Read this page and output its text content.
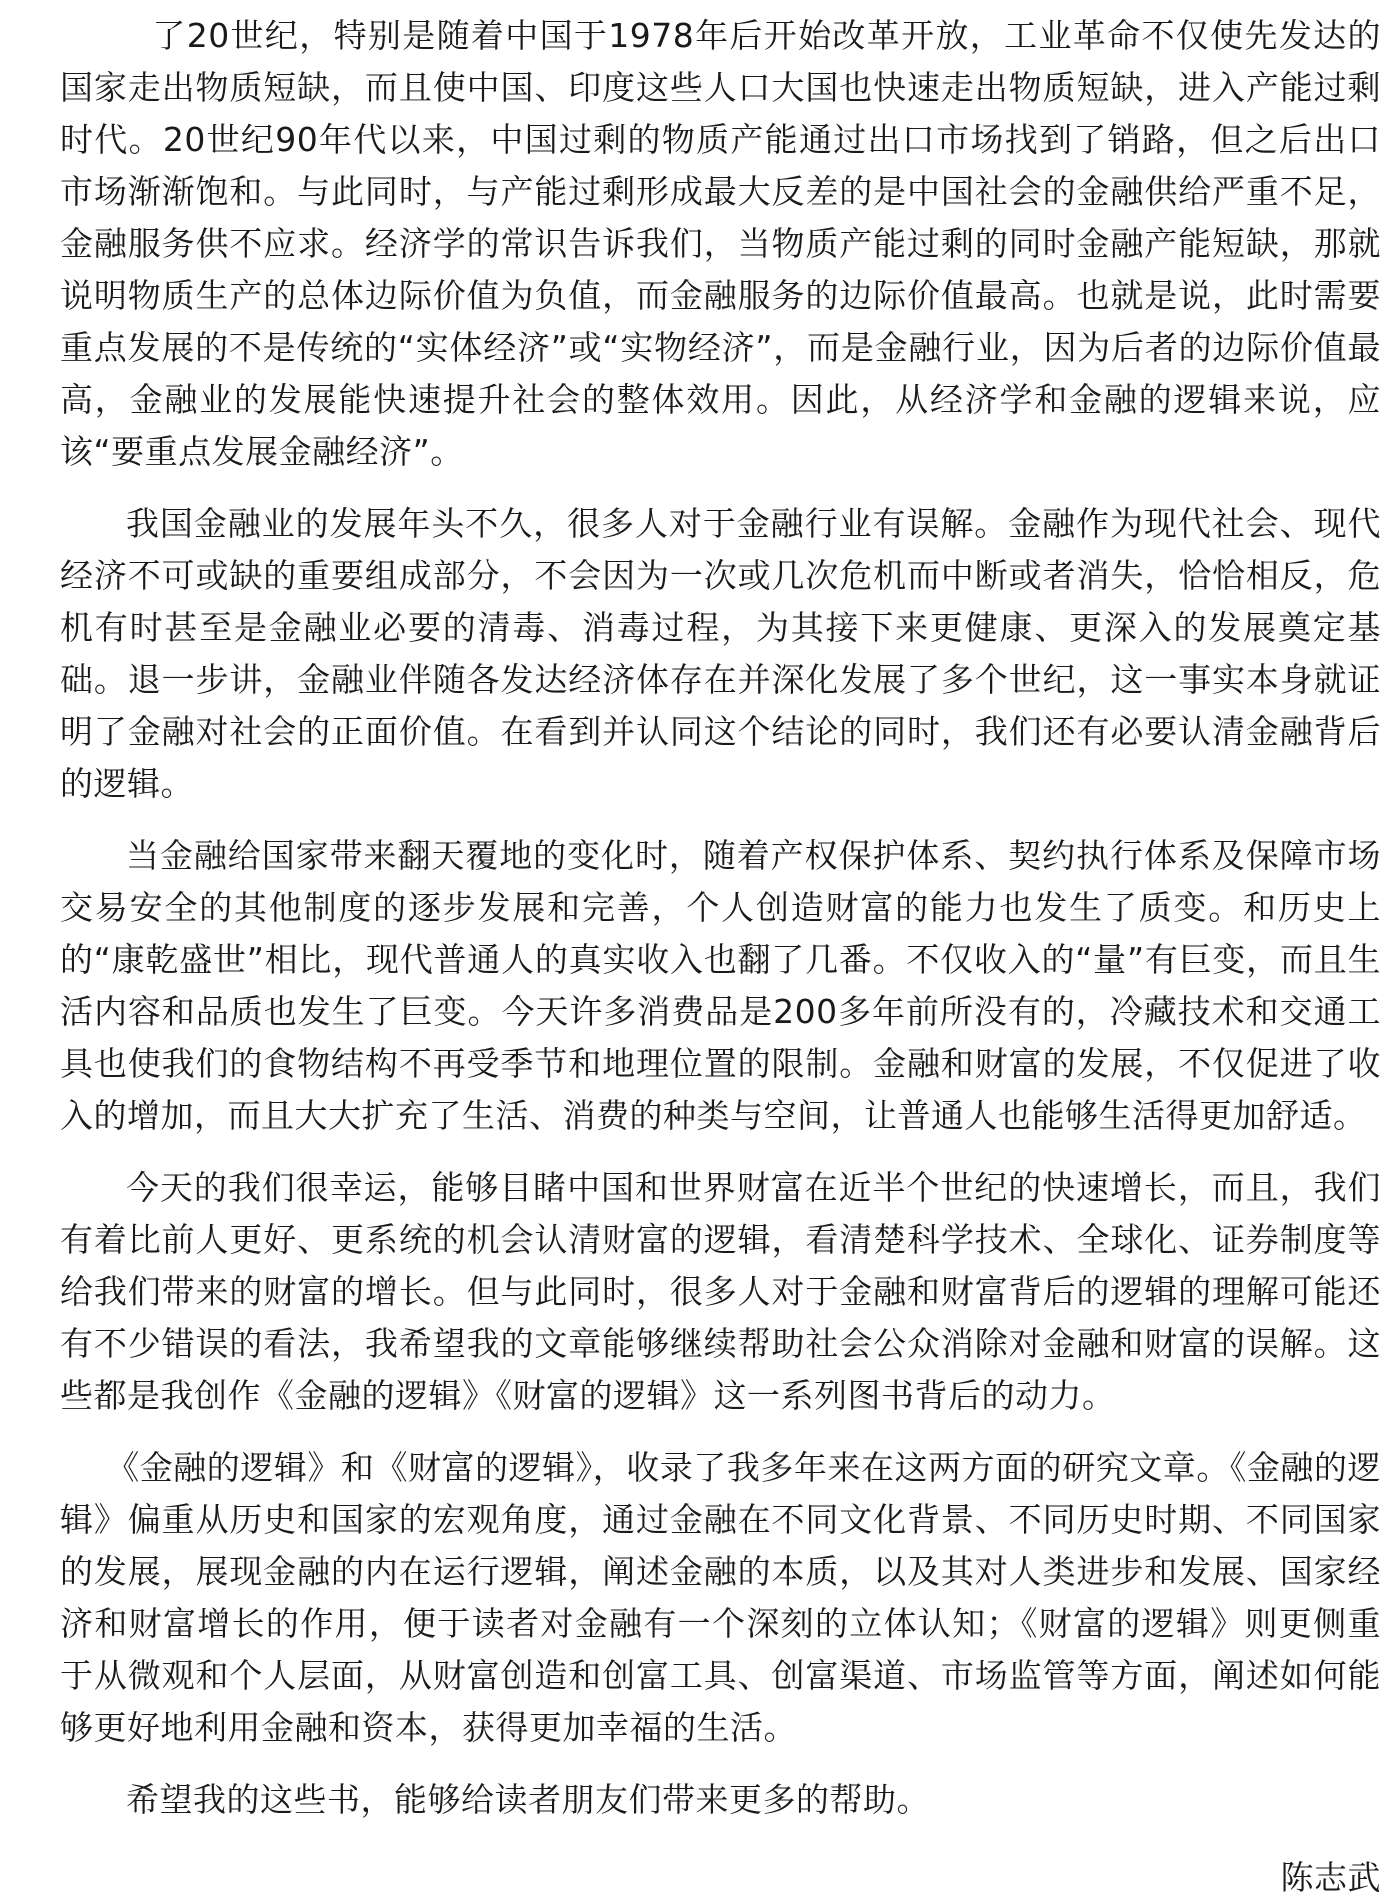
了20世纪，特别是随着中国于1978年后开始改革开放，工业革命不仅使先发达的国家走出物质短缺，而且使中国、印度这些人口大国也快速走出物质短缺，进入产能过剩时代。20世纪90年代以来，中国过剩的物质产能通过出口市场找到了销路，但之后出口市场渐渐饱和。与此同时，与产能过剩形成最大反差的是中国社会的金融供给严重不足，金融服务供不应求。经济学的常识告诉我们，当物质产能过剩的同时金融产能短缺，那就说明物质生产的总体边际价值为负值，而金融服务的边际价值最高。也就是说，此时需要重点发展的不是传统的“实体经济”或“实物经济”，而是金融行业，因为后者的边际价值最高，金融业的发展能快速提升社会的整体效用。因此，从经济学和金融的逻辑来说，应该“要重点发展金融经济”。

我国金融业的发展年头不久，很多人对于金融行业有误解。金融作为现代社会、现代经济不可或缺的重要组成部分，不会因为一次或几次危机而中断或者消失，恰恰相反，危机有时甚至是金融业必要的清毒、消毒过程，为其接下来更健康、更深入的发展奠定基础。退一步讲，金融业伴随各发达经济体存在并深化发展了多个世纪，这一事实本身就证明了金融对社会的正面价值。在看到并认同这个结论的同时，我们还有必要认清金融背后的逻辑。

当金融给国家带来翻天覆地的变化时，随着产权保护体系、契约执行体系及保障市场交易安全的其他制度的逐步发展和完善，个人创造财富的能力也发生了质变。和历史上的“康乾盛世”相比，现代普通人的真实收入也翻了几番。不仅收入的“量”有巨变，而且生活内容和品质也发生了巨变。今天许多消费品是200多年前所没有的，冷藏技术和交通工具也使我们的食物结构不再受季节和地理位置的限制。金融和财富的发展，不仅促进了收入的增加，而且大大扩充了生活、消费的种类与空间，让普通人也能够生活得更加舒适。

今天的我们很幸运，能够目睹中国和世界财富在近半个世纪的快速增长，而且，我们有着比前人更好、更系统的机会认清财富的逻辑，看清楚科学技术、全球化、证券制度等给我们带来的财富的增长。但与此同时，很多人对于金融和财富背后的逻辑的理解可能还有不少错误的看法，我希望我的文章能够继续帮助社会公众消除对金融和财富的误解。这些都是我创作《金融的逻辑》《财富的逻辑》这一系列图书背后的动力。

《金融的逻辑》和《财富的逻辑》，收录了我多年来在这两方面的研究文章。《金融的逻辑》偏重从历史和国家的宏观角度，通过金融在不同文化背景、不同历史时期、不同国家的发展，展现金融的内在运行逻辑，阐述金融的本质，以及其对人类进步和发展、国家经济和财富增长的作用，便于读者对金融有一个深刻的立体认知；《财富的逻辑》则更侧重于从微观和个人层面，从财富创造和创富工具、创富渠道、市场监管等方面，阐述如何能够更好地利用金融和资本，获得更加幸福的生活。

希望我的这些书，能够给读者朋友们带来更多的帮助。

陈志武
